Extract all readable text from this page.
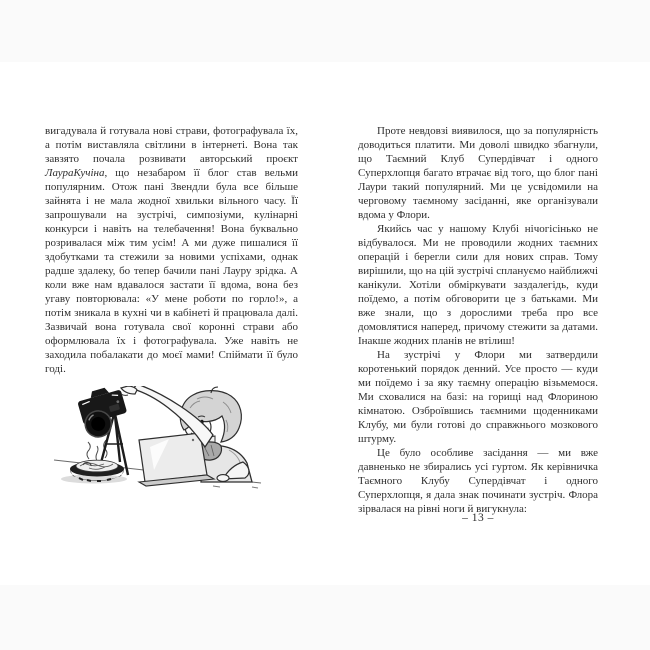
вигадувала й готувала нові страви, фотографувала їх, а потім виставляла світлини в інтернеті. Вона так завзято почала розвивати авторський проєкт ЛаураКучіна, що незабаром її блог став вельми популярним. Отож пані Звендли була все більше зайнята і не мала жодної хвильки вільного часу. Її запрошували на зустрічі, симпозіуми, кулінарні конкурси і навіть на телебачення! Вона буквально розривалася між тим усім! А ми дуже пишалися її здобутками та стежили за новими успіхами, однак радше здалеку, бо тепер бачили пані Лауру зрідка. А коли вже нам вдавалося застати її вдома, вона без угаву повторювала: «У мене роботи по горло!», а потім зникала в кухні чи в кабінеті й працювала далі. Зазвичай вона готувала свої коронні страви або оформлювала їх і фотографувала. Уже навіть не заходила побалакати до моєї мами! Спіймати її було годі.

Проте невдовзі виявилося, що за популярність доводиться платити. Ми доволі швидко збагнули, що Таємний Клуб Супердівчат і одного Суперхлопця багато втрачає від того, що блог пані Лаури такий популярний. Ми це усвідомили на черговому таємному засіданні, яке організували вдома у Флори.

Якийсь час у нашому Клубі нічогісінько не відбувалося. Ми не проводили жодних таємних операцій і берегли сили для нових справ. Тому вирішили, що на цій зустрічі сплануємо найближчі канікули. Хотіли обміркувати заздалегідь, куди поїдемо, а потім обговорити це з батьками. Ми вже знали, що з дорослими треба про все домовлятися наперед, причому стежити за датами. Інакше жодних планів не втілиш!

На зустрічі у Флори ми затвердили коротенький порядок денний. Усе просто — куди ми поїдемо і за яку таємну операцію візьмемося. Ми сховалися на базі: на горищі над Флориною кімнатою. Озброївшись таємними щоденниками Клубу, ми були готові до справжнього мозкового штурму.

Це було особливе засідання — ми вже давненько не збирались усі гуртом. Як керівничка Таємного Клубу Супердівчат і одного Суперхлопця, я дала знак починати зустріч. Флора зірвалася на рівні ноги й вигукнула:

– 13 –
